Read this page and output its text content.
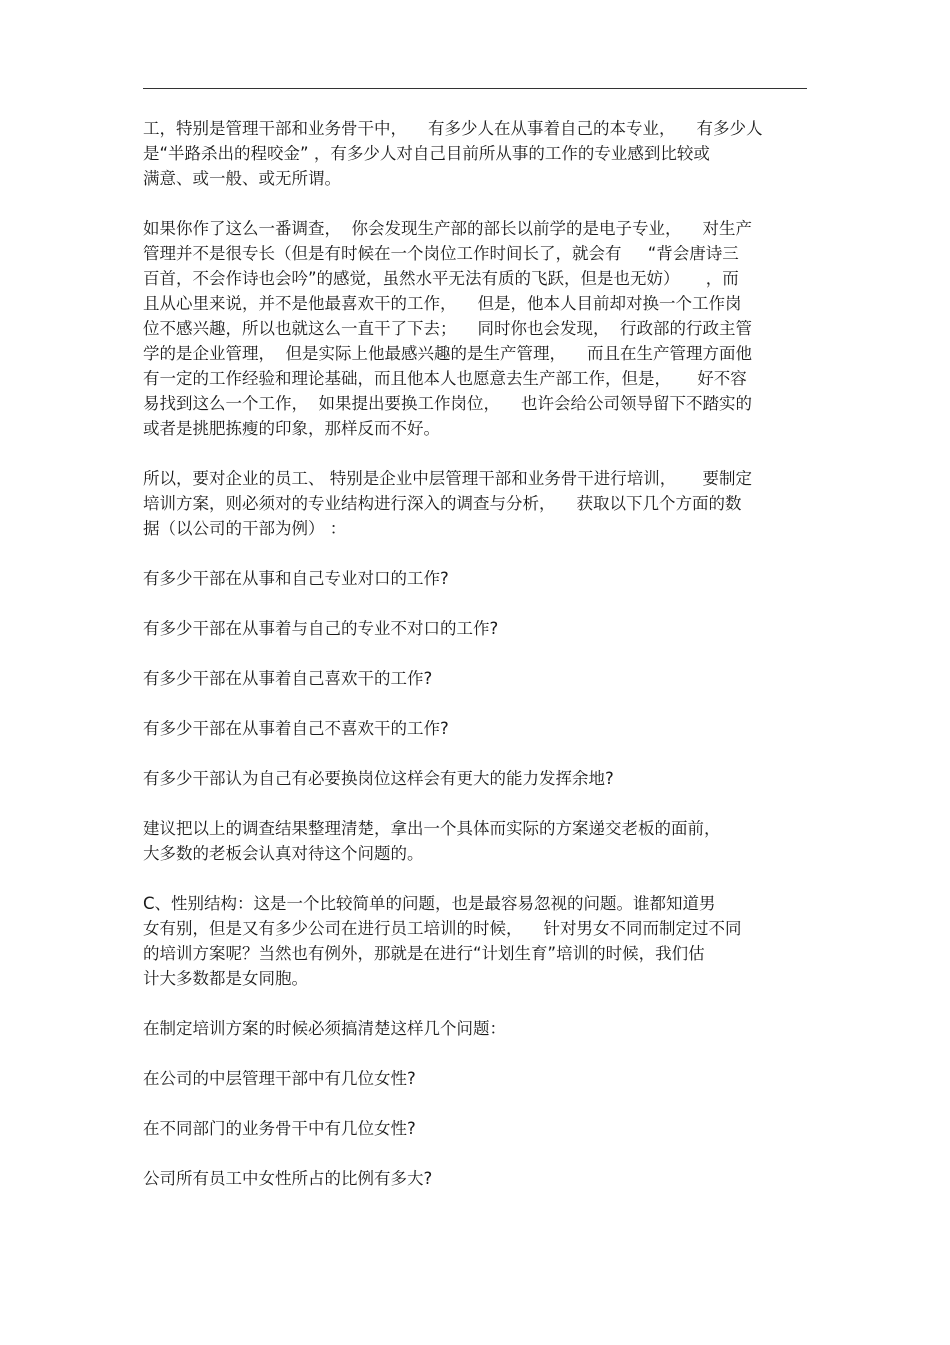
工，特别是管理干部和业务骨干中，    有多少人在从事着自己的本专业，    有多少人
是“半路杀出的程咬金” ，有多少人对自己目前所从事的工作的专业感到比较或
满意、或一般、或无所谓。

如果你作了这么一番调查，  你会发现生产部的部长以前学的是电子专业，    对生产
管理并不是很专长（但是有时候在一个岗位工作时间长了，就会有     “背会唐诗三
百首，不会作诗也会吟”的感觉，虽然水平无法有质的飞跃，但是也无妨）     ，而
且从心里来说，并不是他最喜欢干的工作，    但是，他本人目前却对换一个工作岗
位不感兴趣，所以也就这么一直干了下去；    同时你也会发现，  行政部的行政主管
学的是企业管理，  但是实际上他最感兴趣的是生产管理，    而且在生产管理方面他
有一定的工作经验和理论基础，而且他本人也愿意去生产部工作，但是，     好不容
易找到这么一个工作，  如果提出要换工作岗位，    也许会给公司领导留下不踏实的
或者是挑肥拣瘦的印象，那样反而不好。

所以，要对企业的员工、 特别是企业中层管理干部和业务骨干进行培训，     要制定
培训方案，则必须对的专业结构进行深入的调查与分析，    获取以下几个方面的数
据（以公司的干部为例） ：

有多少干部在从事和自己专业对口的工作?

有多少干部在从事着与自己的专业不对口的工作?

有多少干部在从事着自己喜欢干的工作?

有多少干部在从事着自己不喜欢干的工作?

有多少干部认为自己有必要换岗位这样会有更大的能力发挥余地?

建议把以上的调查结果整理清楚，拿出一个具体而实际的方案递交老板的面前，
大多数的老板会认真对待这个问题的。

C、性别结构：这是一个比较简单的问题，也是最容易忽视的问题。谁都知道男
女有别，但是又有多少公司在进行员工培训的时候，    针对男女不同而制定过不同
的培训方案呢？当然也有例外，那就是在进行“计划生育”培训的时候，我们估
计大多数都是女同胞。

在制定培训方案的时候必须搞清楚这样几个问题：

在公司的中层管理干部中有几位女性?

在不同部门的业务骨干中有几位女性?

公司所有员工中女性所占的比例有多大?
